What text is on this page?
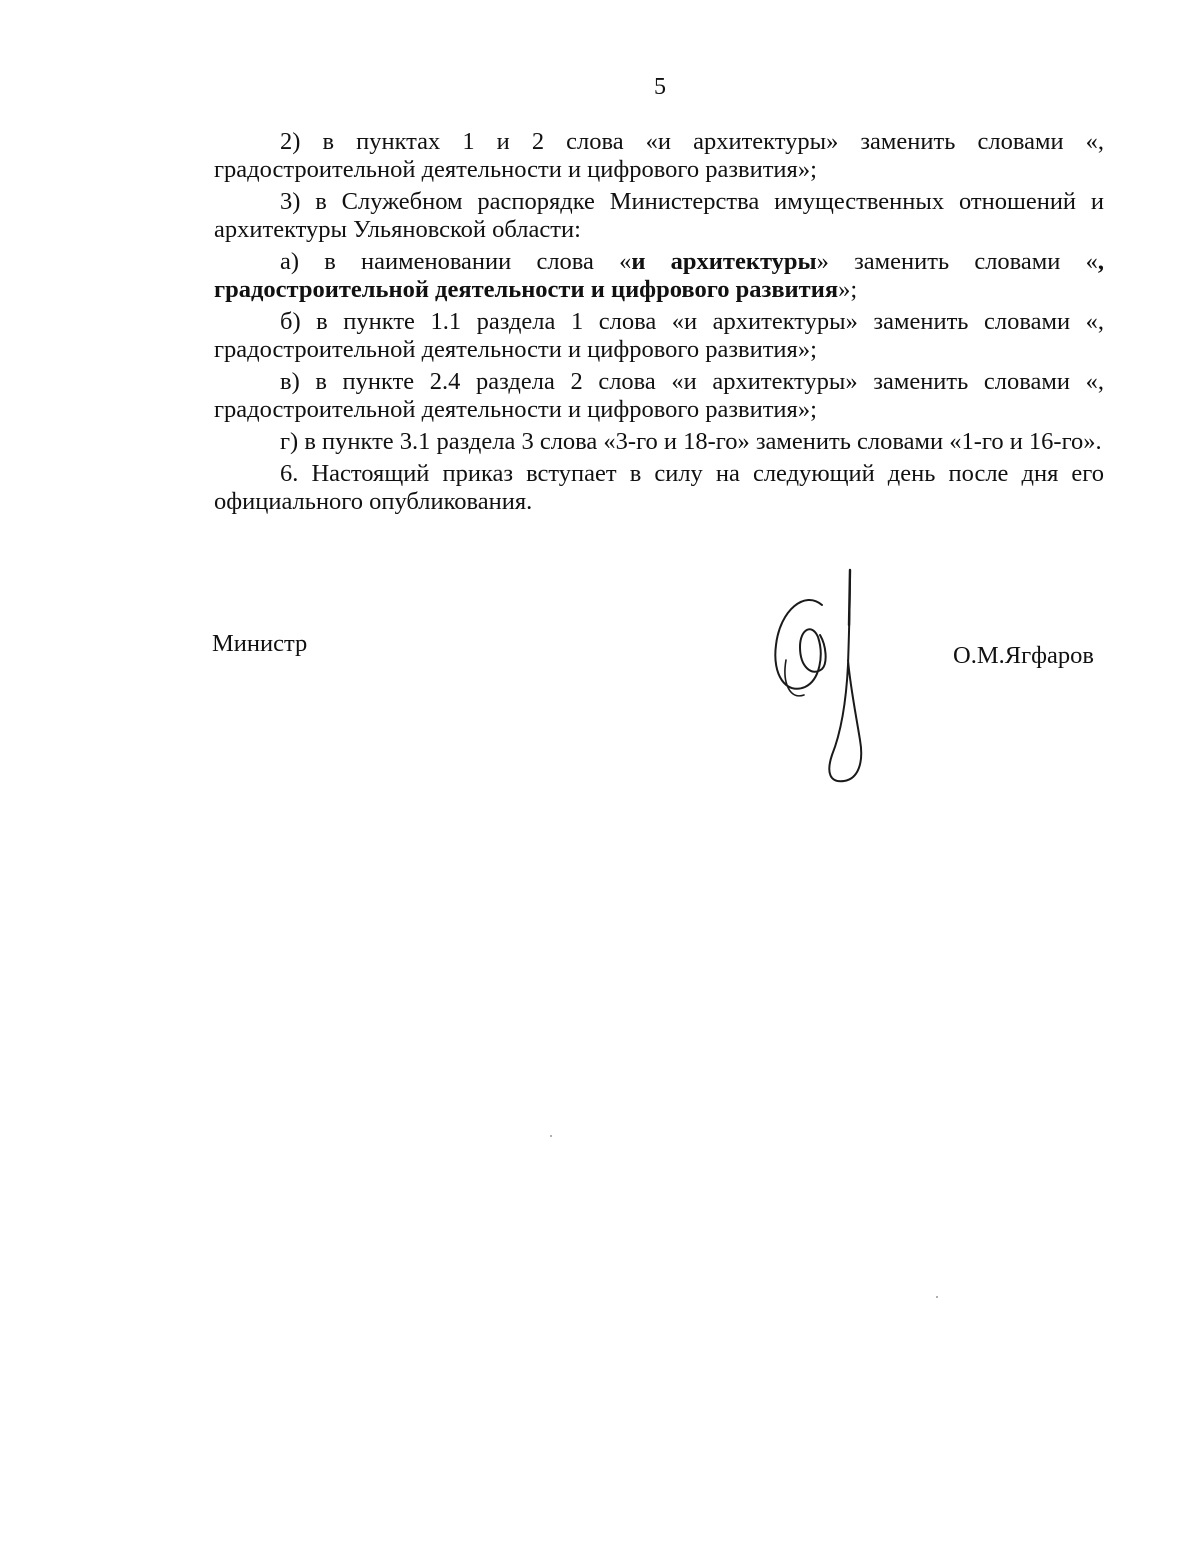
5

2) в пунктах 1 и 2 слова «и архитектуры» заменить словами «, градостроительной деятельности и цифрового развития»;

3) в Служебном распорядке Министерства имущественных отношений и архитектуры Ульяновской области:

а) в наименовании слова «и архитектуры» заменить словами «, градостроительной деятельности и цифрового развития»;

б) в пункте 1.1 раздела 1 слова «и архитектуры» заменить словами «, градостроительной деятельности и цифрового развития»;

в) в пункте 2.4 раздела 2 слова «и архитектуры» заменить словами «, градостроительной деятельности и цифрового развития»;

г) в пункте 3.1 раздела 3 слова «3-го и 18-го» заменить словами «1-го и 16-го».

6. Настоящий приказ вступает в силу на следующий день после дня его официального опубликования.

Министр	О.М.Ягфаров
